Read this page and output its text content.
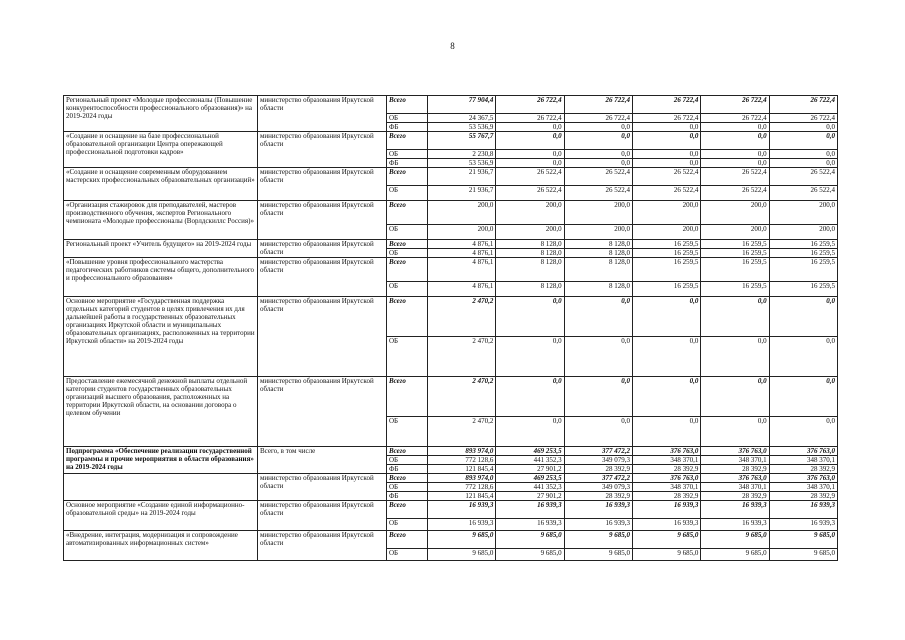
8
Региональный проект «Молодые профессионалы (Повышение конкурентоспособности профессионального образования)» на 2019-2024 годы	министерство образования Иркутской области	Всего	77 904,4	26 722,4	26 722,4	26 722,4	26 722,4	26 722,4
		ОБ	24 367,5	26 722,4	26 722,4	26 722,4	26 722,4	26 722,4
		ФБ	53 536,9	0,0	0,0	0,0	0,0	0,0
«Создание и оснащение на базе профессиональной образовательной организации Центра опережающей профессиональной подготовки кадров»	министерство образования Иркутской области	Всего	55 767,7	0,0	0,0	0,0	0,0	0,0
		ОБ	2 230,8	0,0	0,0	0,0	0,0	0,0
		ФБ	53 536,9	0,0	0,0	0,0	0,0	0,0
«Создание и оснащение современным оборудованием мастерских профессиональных образовательных организаций»	министерство образования Иркутской области	Всего	21 936,7	26 522,4	26 522,4	26 522,4	26 522,4	26 522,4
		ОБ	21 936,7	26 522,4	26 522,4	26 522,4	26 522,4	26 522,4
«Организация стажировок для преподавателей, мастеров производственного обучения, экспертов Регионального чемпионата «Молодые профессионалы (Ворлдскиллс Россия)»	министерство образования Иркутской области	Всего	200,0	200,0	200,0	200,0	200,0	200,0
		ОБ	200,0	200,0	200,0	200,0	200,0	200,0
Региональный проект «Учитель будущего» на 2019-2024 годы	министерство образования Иркутской области	Всего	4 876,1	8 128,0	8 128,0	16 259,5	16 259,5	16 259,5
		ОБ	4 876,1	8 128,0	8 128,0	16 259,5	16 259,5	16 259,5
«Повышение уровня профессионального мастерства педагогических работников системы общего, дополнительного и профессионального образования»	министерство образования Иркутской области	Всего	4 876,1	8 128,0	8 128,0	16 259,5	16 259,5	16 259,5
		ОБ	4 876,1	8 128,0	8 128,0	16 259,5	16 259,5	16 259,5
Основное мероприятие «Государственная поддержка отдельных категорий студентов в целях привлечения их для дальнейшей работы в государственных образовательных организациях Иркутской области и муниципальных образовательных организациях, расположенных на территории Иркутской области» на 2019-2024 годы	министерство образования Иркутской области	Всего	2 470,2	0,0	0,0	0,0	0,0	0,0
		ОБ	2 470,2	0,0	0,0	0,0	0,0	0,0
Предоставление ежемесячной денежной выплаты отдельной категории студентов государственных образовательных организаций высшего образования, расположенных на территории Иркутской области, на основании договора о целевом обучении	министерство образования Иркутской области	Всего	2 470,2	0,0	0,0	0,0	0,0	0,0
		ОБ	2 470,2	0,0	0,0	0,0	0,0	0,0
Подпрограмма «Обеспечение реализации государственной программы и прочие мероприятия в области образования» на 2019-2024 годы	Всего, в том числе	Всего	893 974,0	469 253,5	377 472,2	376 763,0	376 763,0	376 763,0
		ОБ	772 128,6	441 352,3	349 079,3	348 370,1	348 370,1	348 370,1
		ФБ	121 845,4	27 901,2	28 392,9	28 392,9	28 392,9	28 392,9
	министерство образования Иркутской области	Всего	893 974,0	469 253,5	377 472,2	376 763,0	376 763,0	376 763,0
		ОБ	772 128,6	441 352,3	349 079,3	348 370,1	348 370,1	348 370,1
		ФБ	121 845,4	27 901,2	28 392,9	28 392,9	28 392,9	28 392,9
Основное мероприятие «Создание единой информационно-образовательной среды» на 2019-2024 годы	министерство образования Иркутской области	Всего	16 939,3	16 939,3	16 939,3	16 939,3	16 939,3	16 939,3
		ОБ	16 939,3	16 939,3	16 939,3	16 939,3	16 939,3	16 939,3
«Внедрение, интеграция, модернизация и сопровождение автоматизированных информационных систем»	министерство образования Иркутской области	Всего	9 685,0	9 685,0	9 685,0	9 685,0	9 685,0	9 685,0
		ОБ	9 685,0	9 685,0	9 685,0	9 685,0	9 685,0	9 685,0
